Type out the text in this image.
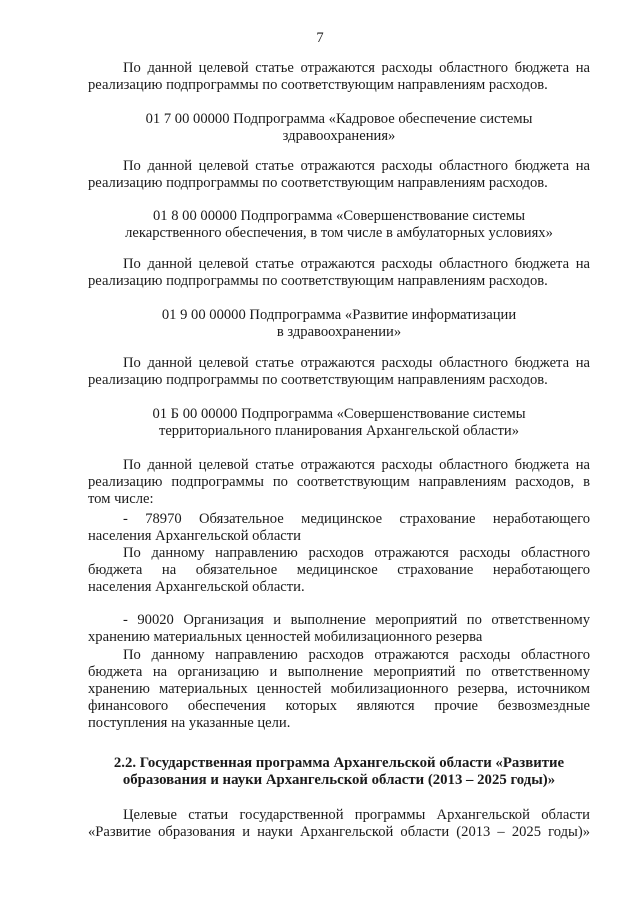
7
По данной целевой статье отражаются расходы областного бюджета на
реализацию подпрограммы по соответствующим направлениям расходов.
01 7 00 00000 Подпрограмма «Кадровое обеспечение системы
здравоохранения»
По данной целевой статье отражаются расходы областного бюджета на
реализацию подпрограммы по соответствующим направлениям расходов.
01 8 00 00000 Подпрограмма «Совершенствование системы
лекарственного обеспечения, в том числе в амбулаторных условиях»
По данной целевой статье отражаются расходы областного бюджета на
реализацию подпрограммы по соответствующим направлениям расходов.
01 9 00 00000 Подпрограмма «Развитие информатизации
в здравоохранении»
По данной целевой статье отражаются расходы областного бюджета на
реализацию подпрограммы по соответствующим направлениям расходов.
01 Б 00 00000 Подпрограмма «Совершенствование системы
территориального планирования Архангельской области»
По данной целевой статье отражаются расходы областного бюджета на
реализацию подпрограммы по соответствующим направлениям расходов, в
том числе:
- 78970 Обязательное медицинское страхование неработающего
населения Архангельской области
По данному направлению расходов отражаются расходы областного
бюджета на обязательное медицинское страхование неработающего
населения Архангельской области.
- 90020 Организация и выполнение мероприятий по ответственному
хранению материальных ценностей мобилизационного резерва
По данному направлению расходов отражаются расходы областного
бюджета на организацию и выполнение мероприятий по ответственному
хранению материальных ценностей мобилизационного резерва, источником
финансового обеспечения которых являются прочие безвозмездные
поступления на указанные цели.
2.2. Государственная программа Архангельской области «Развитие
образования и науки Архангельской области (2013 – 2025 годы)»
Целевые статьи государственной программы Архангельской области
«Развитие образования и науки Архангельской области (2013 – 2025 годы)»
